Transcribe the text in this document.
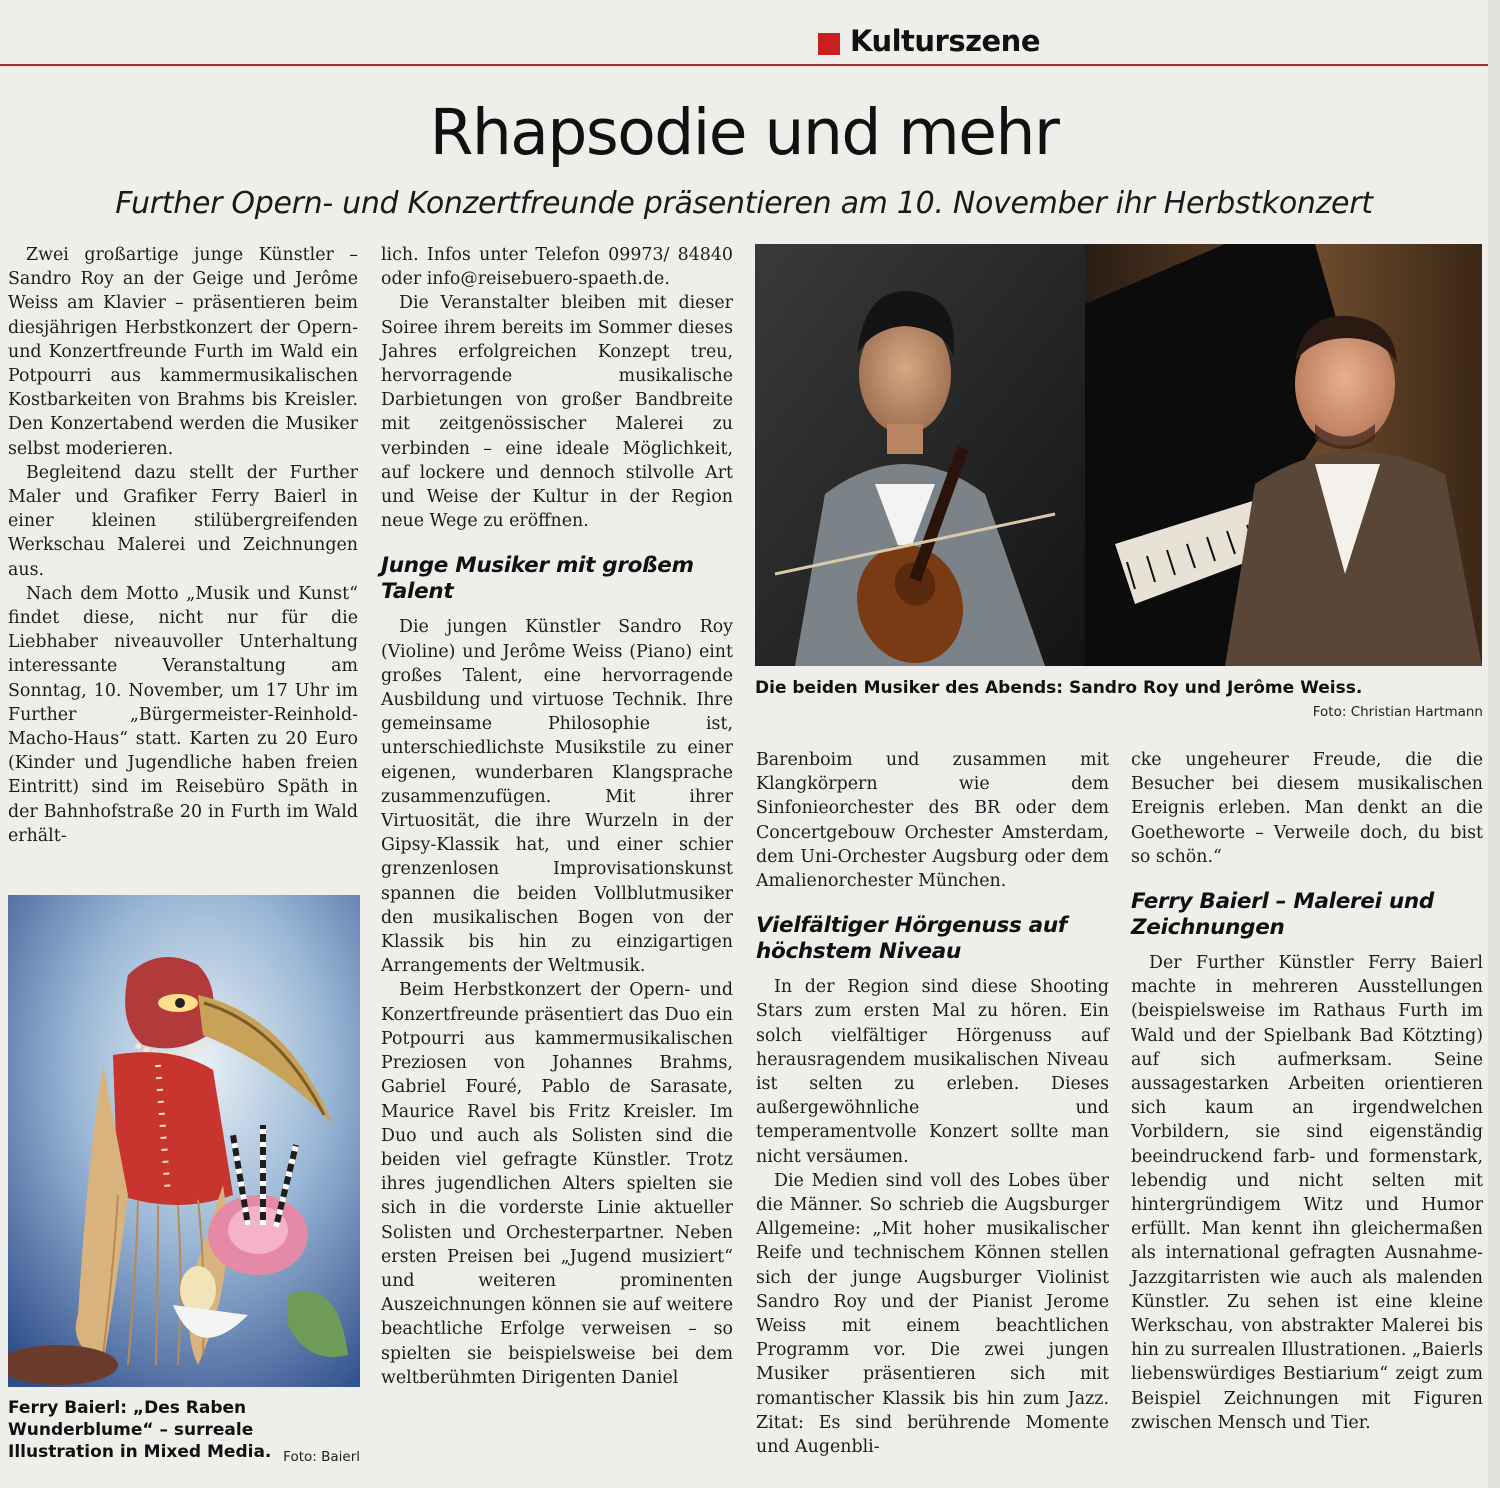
Kulturszene
Rhapsodie und mehr
Further Opern- und Konzertfreunde präsentieren am 10. November ihr Herbstkonzert

Zwei großartige junge Künstler – Sandro Roy an der Geige und Jerôme Weiss am Klavier – präsentieren beim diesjährigen Herbstkonzert der Opern- und Konzertfreunde Furth im Wald ein Potpourri aus kammermusikalischen Kostbarkeiten von Brahms bis Kreisler. Den Konzertabend werden die Musiker selbst moderieren.

Begleitend dazu stellt der Further Maler und Grafiker Ferry Baierl in einer kleinen stilübergreifenden Werkschau Malerei und Zeichnungen aus.

Nach dem Motto „Musik und Kunst“ findet diese, nicht nur für die Liebhaber niveauvoller Unterhaltung interessante Veranstaltung am Sonntag, 10. November, um 17 Uhr im Further „Bürgermeister-Reinhold-Macho-Haus“ statt. Karten zu 20 Euro (Kinder und Jugendliche haben freien Eintritt) sind im Reisebüro Späth in der Bahnhofstraße 20 in Furth im Wald erhält-

lich. Infos unter Telefon 09973/ 84840 oder info@reisebuero-spaeth.de.

Die Veranstalter bleiben mit dieser Soiree ihrem bereits im Sommer dieses Jahres erfolgreichen Konzept treu, hervorragende musikalische Darbietungen von großer Bandbreite mit zeitgenössischer Malerei zu verbinden – eine ideale Möglichkeit, auf lockere und dennoch stilvolle Art und Weise der Kultur in der Region neue Wege zu eröffnen.

Junge Musiker mit großem Talent

Die jungen Künstler Sandro Roy (Violine) und Jerôme Weiss (Piano) eint großes Talent, eine hervorragende Ausbildung und virtuose Technik. Ihre gemeinsame Philosophie ist, unterschiedlichste Musikstile zu einer eigenen, wunderbaren Klangsprache zusammenzufügen. Mit ihrer Virtuosität, die ihre Wurzeln in der Gipsy-Klassik hat, und einer schier grenzenlosen Improvisationskunst spannen die beiden Vollblutmusiker den musikalischen Bogen von der Klassik bis hin zu einzigartigen Arrangements der Weltmusik.

Beim Herbstkonzert der Opern- und Konzertfreunde präsentiert das Duo ein Potpourri aus kammermusikalischen Preziosen von Johannes Brahms, Gabriel Fouré, Pablo de Sarasate, Maurice Ravel bis Fritz Kreisler. Im Duo und auch als Solisten sind die beiden viel gefragte Künstler. Trotz ihres jugendlichen Alters spielten sie sich in die vorderste Linie aktueller Solisten und Orchesterpartner. Neben ersten Preisen bei „Jugend musiziert“ und weiteren prominenten Auszeichnungen können sie auf weitere beachtliche Erfolge verweisen – so spielten sie beispielsweise bei dem weltberühmten Dirigenten Daniel

Barenboim und zusammen mit Klangkörpern wie dem Sinfonieorchester des BR oder dem Concertgebouw Orchester Amsterdam, dem Uni-Orchester Augsburg oder dem Amalienorchester München.

Vielfältiger Hörgenuss auf höchstem Niveau

In der Region sind diese Shooting Stars zum ersten Mal zu hören. Ein solch vielfältiger Hörgenuss auf herausragendem musikalischen Niveau ist selten zu erleben. Dieses außergewöhnliche und temperamentvolle Konzert sollte man nicht versäumen.

Die Medien sind voll des Lobes über die Männer. So schrieb die Augsburger Allgemeine: „Mit hoher musikalischer Reife und technischem Können stellen sich der junge Augsburger Violinist Sandro Roy und der Pianist Jerome Weiss mit einem beachtlichen Programm vor. Die zwei jungen Musiker präsentieren sich mit romantischer Klassik bis hin zum Jazz. Zitat: Es sind berührende Momente und Augenbli-

cke ungeheurer Freude, die die Besucher bei diesem musikalischen Ereignis erleben. Man denkt an die Goetheworte – Verweile doch, du bist so schön.“

Ferry Baierl – Malerei und Zeichnungen

Der Further Künstler Ferry Baierl machte in mehreren Ausstellungen (beispielsweise im Rathaus Furth im Wald und der Spielbank Bad Kötzting) auf sich aufmerksam. Seine aussagestarken Arbeiten orientieren sich kaum an irgendwelchen Vorbildern, sie sind eigenständig beeindruckend farb- und formenstark, lebendig und nicht selten mit hintergründigem Witz und Humor erfüllt. Man kennt ihn gleichermaßen als international gefragten Ausnahme-Jazzgitarristen wie auch als malenden Künstler. Zu sehen ist eine kleine Werkschau, von abstrakter Malerei bis hin zu surrealen Illustrationen. „Baierls liebenswürdiges Bestiarium“ zeigt zum Beispiel Zeichnungen mit Figuren zwischen Mensch und Tier.

Die beiden Musiker des Abends: Sandro Roy und Jerôme Weiss.
Foto: Christian Hartmann
Ferry Baierl: „Des Raben Wunderblume“ – surreale Illustration in Mixed Media. Foto: Baierl
